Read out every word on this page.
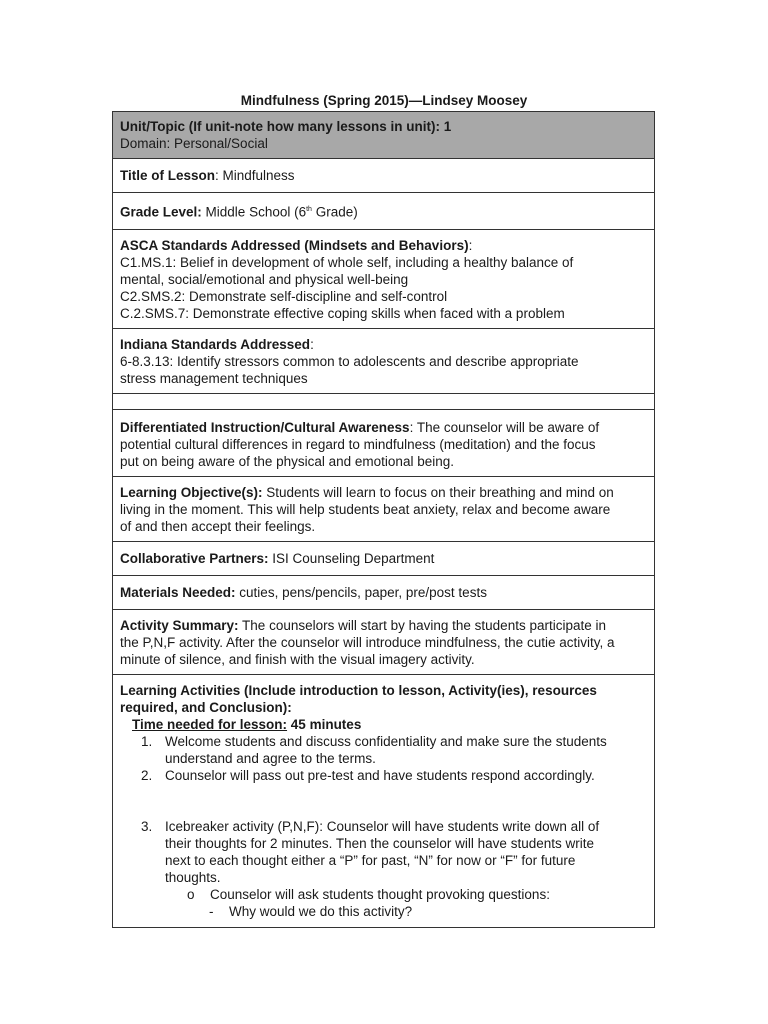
Mindfulness (Spring 2015)—Lindsey Moosey
Unit/Topic (If unit-note how many lessons in unit): 1
Domain: Personal/Social
Title of Lesson: Mindfulness
Grade Level: Middle School (6th Grade)
ASCA Standards Addressed (Mindsets and Behaviors):
C1.MS.1: Belief in development of whole self, including a healthy balance of
mental, social/emotional and physical well-being
C2.SMS.2: Demonstrate self-discipline and self-control
C.2.SMS.7: Demonstrate effective coping skills when faced with a problem
Indiana Standards Addressed:
6-8.3.13: Identify stressors common to adolescents and describe appropriate
stress management techniques
Differentiated Instruction/Cultural Awareness: The counselor will be aware of
potential cultural differences in regard to mindfulness (meditation) and the focus
put on being aware of the physical and emotional being.
Learning Objective(s): Students will learn to focus on their breathing and mind on
living in the moment. This will help students beat anxiety, relax and become aware
of and then accept their feelings.
Collaborative Partners: ISI Counseling Department
Materials Needed: cuties, pens/pencils, paper, pre/post tests
Activity Summary: The counselors will start by having the students participate in
the P,N,F activity. After the counselor will introduce mindfulness, the cutie activity, a
minute of silence, and finish with the visual imagery activity.
Learning Activities (Include introduction to lesson, Activity(ies), resources
required, and Conclusion):
Time needed for lesson: 45 minutes
1. Welcome students and discuss confidentiality and make sure the students
understand and agree to the terms.
2. Counselor will pass out pre-test and have students respond accordingly.
3. Icebreaker activity (P,N,F): Counselor will have students write down all of
their thoughts for 2 minutes. Then the counselor will have students write
next to each thought either a “P” for past, “N” for now or “F” for future
thoughts.
o Counselor will ask students thought provoking questions:
- Why would we do this activity?
